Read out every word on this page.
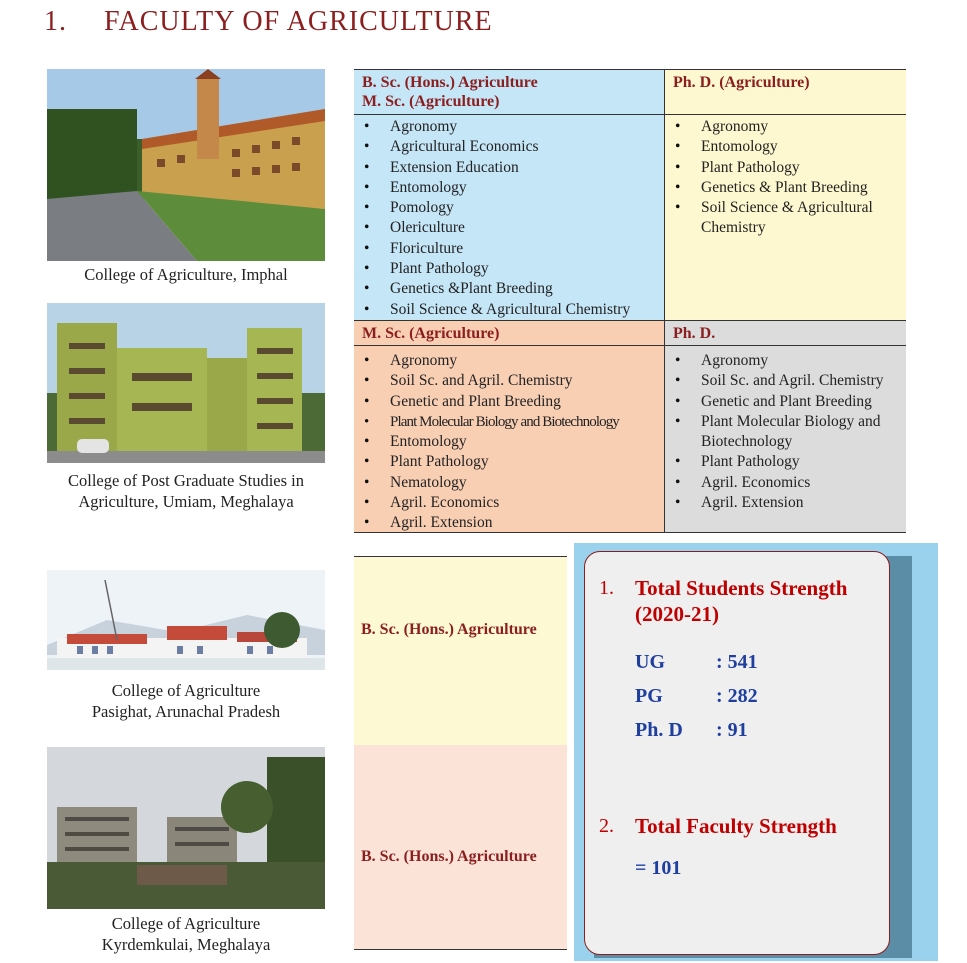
1. FACULTY OF AGRICULTURE
College of Agriculture, Imphal
College of Post Graduate Studies in Agriculture, Umiam, Meghalaya
College of Agriculture Pasighat, Arunachal Pradesh
College of Agriculture Kyrdemkulai, Meghalaya
B. Sc. (Hons.) Agriculture
M. Sc. (Agriculture)
• Agronomy
• Agricultural Economics
• Extension Education
• Entomology
• Pomology
• Olericulture
• Floriculture
• Plant Pathology
• Genetics &Plant Breeding
• Soil Science & Agricultural Chemistry
Ph. D. (Agriculture)
• Agronomy
• Entomology
• Plant Pathology
• Genetics & Plant Breeding
• Soil Science & Agricultural Chemistry
M. Sc. (Agriculture)
• Agronomy
• Soil Sc. and Agril. Chemistry
• Genetic and Plant Breeding
• Plant Molecular Biology and Biotechnology
• Entomology
• Plant Pathology
• Nematology
• Agril. Economics
• Agril. Extension
Ph. D.
• Agronomy
• Soil Sc. and Agril. Chemistry
• Genetic and Plant Breeding
• Plant Molecular Biology and Biotechnology
• Plant Pathology
• Agril. Economics
• Agril. Extension
B. Sc. (Hons.) Agriculture
B. Sc. (Hons.) Agriculture
1. Total Students Strength
(2020-21)
UG	: 541
PG	: 282
Ph. D : 91
2. Total Faculty Strength
= 101
